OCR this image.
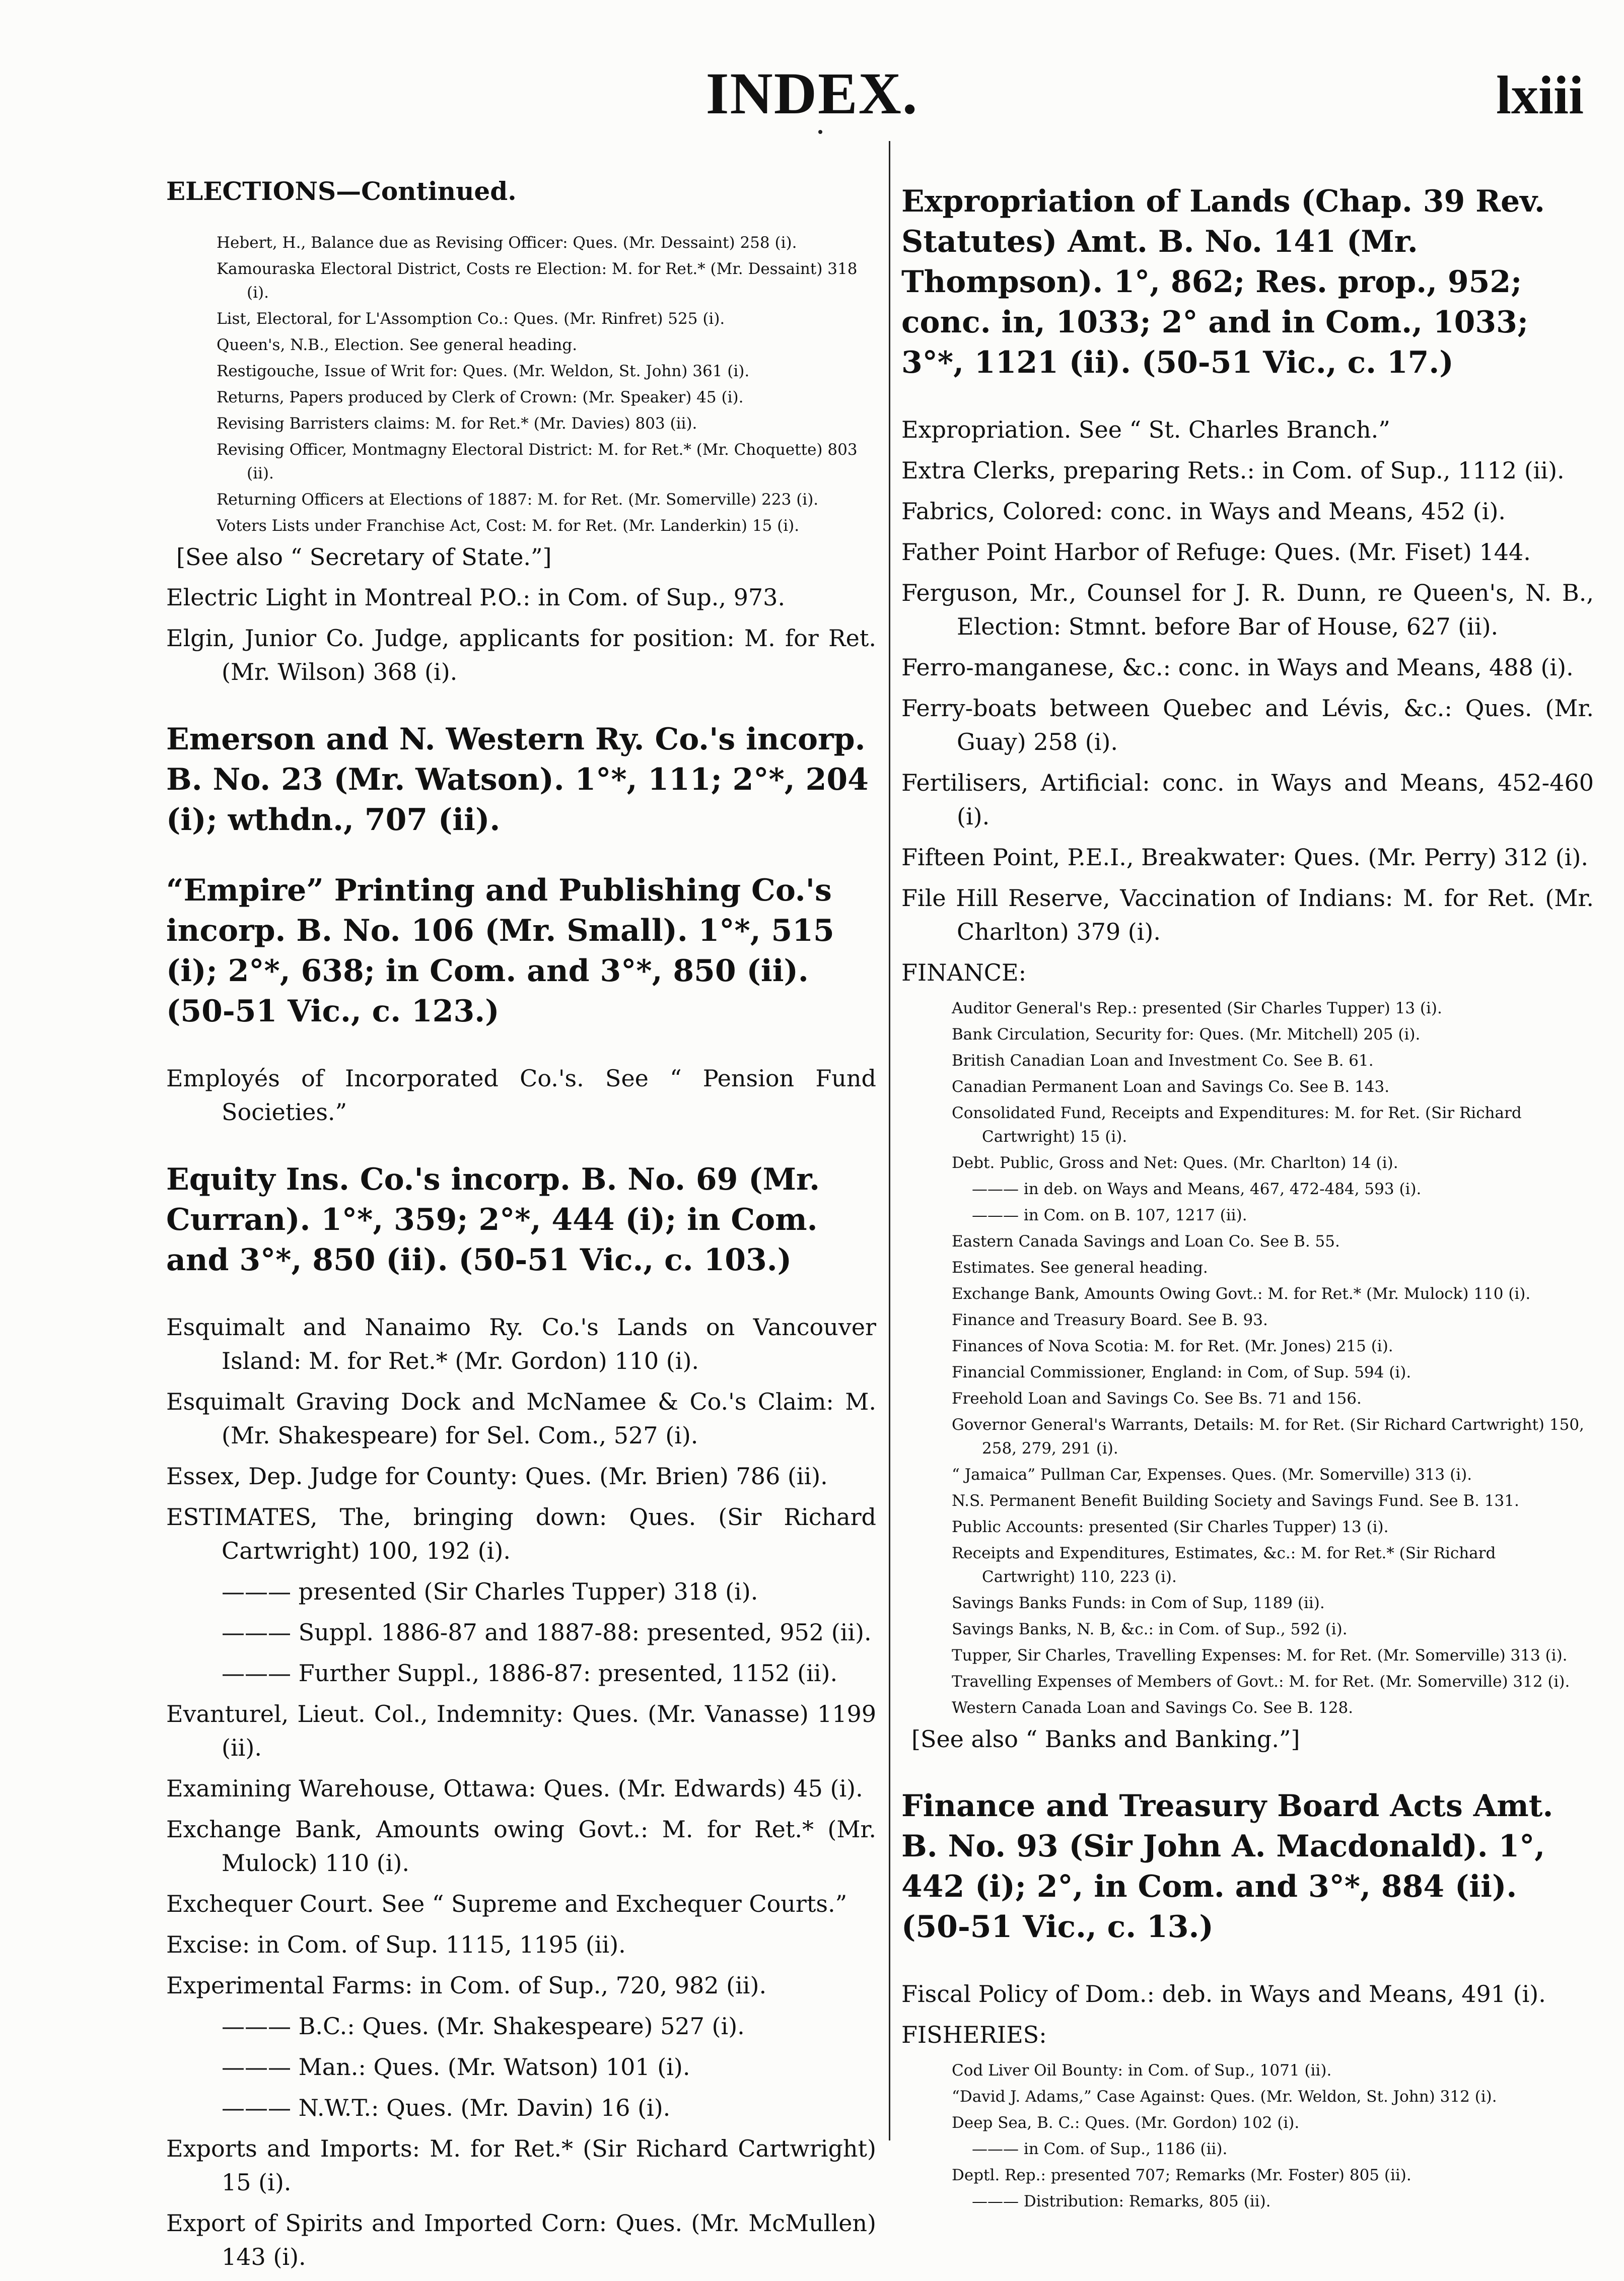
INDEX.	lxiii

ELECTIONS—Continued.

Hebert, H., Balance due as Revising Officer: Ques. (Mr. Dessaint) 258 (i).

Kamouraska Electoral District, Costs re Election: M. for Ret.* (Mr. Dessaint) 318 (i).

List, Electoral, for L'Assomption Co.: Ques. (Mr. Rinfret) 525 (i).

Queen's, N.B., Election. See general heading.

Restigouche, Issue of Writ for: Ques. (Mr. Weldon, St. John) 361 (i).

Returns, Papers produced by Clerk of Crown: (Mr. Speaker) 45 (i).

Revising Barristers claims: M. for Ret.* (Mr. Davies) 803 (ii).

Revising Officer, Montmagny Electoral District: M. for Ret.* (Mr. Choquette) 803 (ii).

Returning Officers at Elections of 1887: M. for Ret. (Mr. Somerville) 223 (i).

Voters Lists under Franchise Act, Cost: M. for Ret. (Mr. Landerkin) 15 (i).

[See also “ Secretary of State.”]

Electric Light in Montreal P.O.: in Com. of Sup., 973.

Elgin, Junior Co. Judge, applicants for position: M. for Ret. (Mr. Wilson) 368 (i).

Emerson and N. Western Ry. Co.'s incorp. B. No. 23 (Mr. Watson). 1°*, 111; 2°*, 204 (i); wthdn., 707 (ii).

“Empire” Printing and Publishing Co.'s incorp. B. No. 106 (Mr. Small). 1°*, 515 (i); 2°*, 638; in Com. and 3°*, 850 (ii). (50-51 Vic., c. 123.)

Employés of Incorporated Co.'s. See “ Pension Fund Societies.”

Equity Ins. Co.'s incorp. B. No. 69 (Mr. Curran). 1°*, 359; 2°*, 444 (i); in Com. and 3°*, 850 (ii). (50-51 Vic., c. 103.)

Esquimalt and Nanaimo Ry. Co.'s Lands on Vancouver Island: M. for Ret.* (Mr. Gordon) 110 (i).

Esquimalt Graving Dock and McNamee & Co.'s Claim: M. (Mr. Shakespeare) for Sel. Com., 527 (i).

Essex, Dep. Judge for County: Ques. (Mr. Brien) 786 (ii).

ESTIMATES, The, bringing down: Ques. (Sir Richard Cartwright) 100, 192 (i).

——— presented (Sir Charles Tupper) 318 (i).

——— Suppl. 1886-87 and 1887-88: presented, 952 (ii).

——— Further Suppl., 1886-87: presented, 1152 (ii).

Evanturel, Lieut. Col., Indemnity: Ques. (Mr. Vanasse) 1199 (ii).

Examining Warehouse, Ottawa: Ques. (Mr. Edwards) 45 (i).

Exchange Bank, Amounts owing Govt.: M. for Ret.* (Mr. Mulock) 110 (i).

Exchequer Court. See “ Supreme and Exchequer Courts.”

Excise: in Com. of Sup. 1115, 1195 (ii).

Experimental Farms: in Com. of Sup., 720, 982 (ii).

——— B.C.: Ques. (Mr. Shakespeare) 527 (i).

——— Man.: Ques. (Mr. Watson) 101 (i).

——— N.W.T.: Ques. (Mr. Davin) 16 (i).

Exports and Imports: M. for Ret.* (Sir Richard Cartwright) 15 (i).

Export of Spirits and Imported Corn: Ques. (Mr. McMullen) 143 (i).

Expropriation of Lands (Chap. 39 Rev. Statutes) Amt. B. No. 141 (Mr. Thompson). 1°, 862; Res. prop., 952; conc. in, 1033; 2° and in Com., 1033; 3°*, 1121 (ii). (50-51 Vic., c. 17.)

Expropriation. See “ St. Charles Branch.”

Extra Clerks, preparing Rets.: in Com. of Sup., 1112 (ii).

Fabrics, Colored: conc. in Ways and Means, 452 (i).

Father Point Harbor of Refuge: Ques. (Mr. Fiset) 144.

Ferguson, Mr., Counsel for J. R. Dunn, re Queen's, N. B., Election: Stmnt. before Bar of House, 627 (ii).

Ferro-manganese, &c.: conc. in Ways and Means, 488 (i).

Ferry-boats between Quebec and Lévis, &c.: Ques. (Mr. Guay) 258 (i).

Fertilisers, Artificial: conc. in Ways and Means, 452-460 (i).

Fifteen Point, P.E.I., Breakwater: Ques. (Mr. Perry) 312 (i).

File Hill Reserve, Vaccination of Indians: M. for Ret. (Mr. Charlton) 379 (i).

FINANCE:

Auditor General's Rep.: presented (Sir Charles Tupper) 13 (i).

Bank Circulation, Security for: Ques. (Mr. Mitchell) 205 (i).

British Canadian Loan and Investment Co. See B. 61.

Canadian Permanent Loan and Savings Co. See B. 143.

Consolidated Fund, Receipts and Expenditures: M. for Ret. (Sir Richard Cartwright) 15 (i).

Debt. Public, Gross and Net: Ques. (Mr. Charlton) 14 (i).

——— in deb. on Ways and Means, 467, 472-484, 593 (i).

——— in Com. on B. 107, 1217 (ii).

Eastern Canada Savings and Loan Co. See B. 55.

Estimates. See general heading.

Exchange Bank, Amounts Owing Govt.: M. for Ret.* (Mr. Mulock) 110 (i).

Finance and Treasury Board. See B. 93.

Finances of Nova Scotia: M. for Ret. (Mr. Jones) 215 (i).

Financial Commissioner, England: in Com, of Sup. 594 (i).

Freehold Loan and Savings Co. See Bs. 71 and 156.

Governor General's Warrants, Details: M. for Ret. (Sir Richard Cartwright) 150, 258, 279, 291 (i).

“ Jamaica” Pullman Car, Expenses. Ques. (Mr. Somerville) 313 (i).

N.S. Permanent Benefit Building Society and Savings Fund. See B. 131.

Public Accounts: presented (Sir Charles Tupper) 13 (i).

Receipts and Expenditures, Estimates, &c.: M. for Ret.* (Sir Richard Cartwright) 110, 223 (i).

Savings Banks Funds: in Com of Sup, 1189 (ii).

Savings Banks, N. B, &c.: in Com. of Sup., 592 (i).

Tupper, Sir Charles, Travelling Expenses: M. for Ret. (Mr. Somerville) 313 (i).

Travelling Expenses of Members of Govt.: M. for Ret. (Mr. Somerville) 312 (i).

Western Canada Loan and Savings Co. See B. 128.

[See also “ Banks and Banking.”]

Finance and Treasury Board Acts Amt. B. No. 93 (Sir John A. Macdonald). 1°, 442 (i); 2°, in Com. and 3°*, 884 (ii). (50-51 Vic., c. 13.)

Fiscal Policy of Dom.: deb. in Ways and Means, 491 (i).

FISHERIES:

Cod Liver Oil Bounty: in Com. of Sup., 1071 (ii).

“David J. Adams,” Case Against: Ques. (Mr. Weldon, St. John) 312 (i).

Deep Sea, B. C.: Ques. (Mr. Gordon) 102 (i).

——— in Com. of Sup., 1186 (ii).

Deptl. Rep.: presented 707; Remarks (Mr. Foster) 805 (ii).

——— Distribution: Remarks, 805 (ii).
